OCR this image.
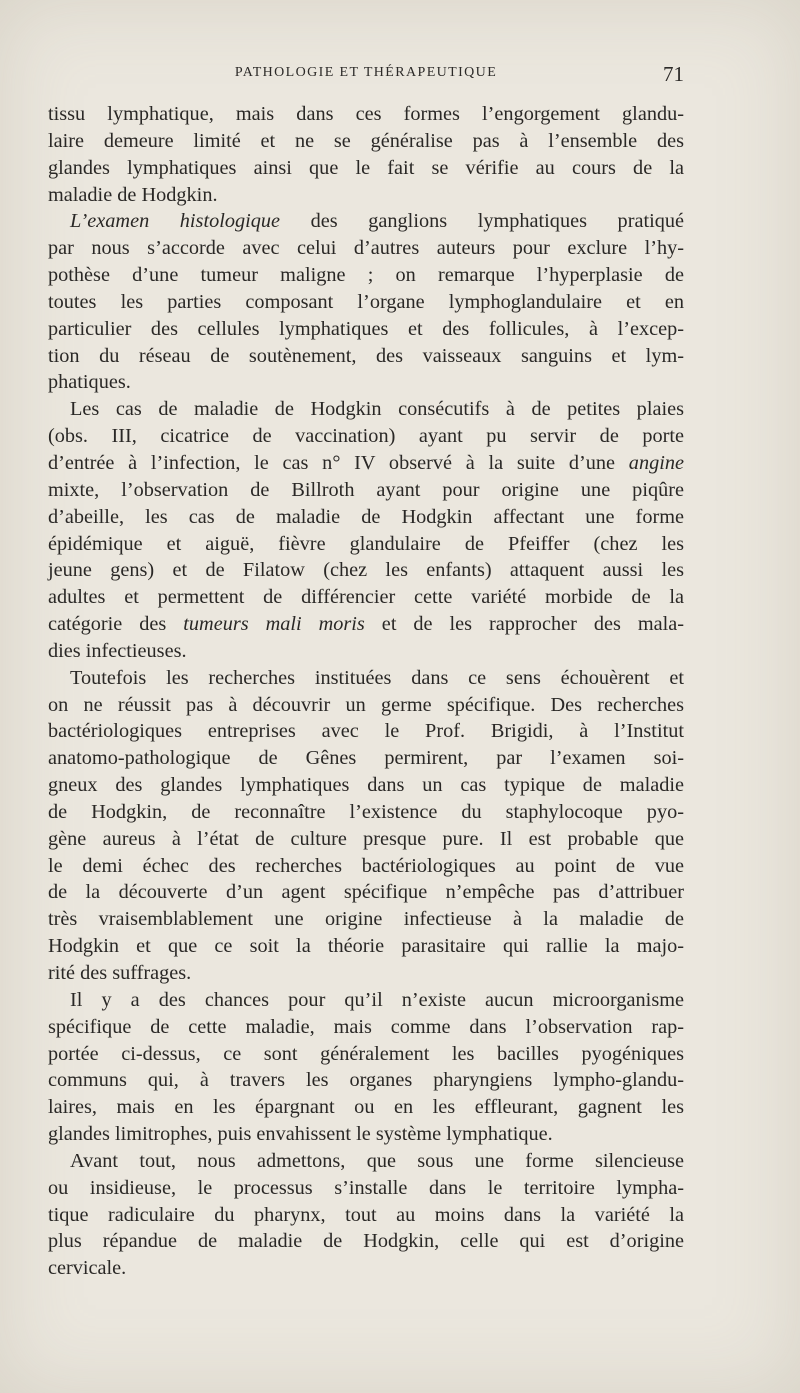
PATHOLOGIE ET THÉRAPEUTIQUE	71

tissu lymphatique, mais dans ces formes l’engorgement glandu-
laire demeure limité et ne se généralise pas à l’ensemble des
glandes lymphatiques ainsi que le fait se vérifie au cours de la
maladie de Hodgkin.

L’examen histologique des ganglions lymphatiques pratiqué
par nous s’accorde avec celui d’autres auteurs pour exclure l’hy-
pothèse d’une tumeur maligne ; on remarque l’hyperplasie de
toutes les parties composant l’organe lymphoglandulaire et en
particulier des cellules lymphatiques et des follicules, à l’excep-
tion du réseau de soutènement, des vaisseaux sanguins et lym-
phatiques.

Les cas de maladie de Hodgkin consécutifs à de petites plaies
(obs. III, cicatrice de vaccination) ayant pu servir de porte
d’entrée à l’infection, le cas n° IV observé à la suite d’une angine
mixte, l’observation de Billroth ayant pour origine une piqûre
d’abeille, les cas de maladie de Hodgkin affectant une forme
épidémique et aiguë, fièvre glandulaire de Pfeiffer (chez les
jeune gens) et de Filatow (chez les enfants) attaquent aussi les
adultes et permettent de différencier cette variété morbide de la
catégorie des tumeurs mali moris et de les rapprocher des mala-
dies infectieuses.

Toutefois les recherches instituées dans ce sens échouèrent et
on ne réussit pas à découvrir un germe spécifique. Des recherches
bactériologiques entreprises avec le Prof. Brigidi, à l’Institut
anatomo-pathologique de Gênes permirent, par l’examen soi-
gneux des glandes lymphatiques dans un cas typique de maladie
de Hodgkin, de reconnaître l’existence du staphylocoque pyo-
gène aureus à l’état de culture presque pure. Il est probable que
le demi échec des recherches bactériologiques au point de vue
de la découverte d’un agent spécifique n’empêche pas d’attribuer
très vraisemblablement une origine infectieuse à la maladie de
Hodgkin et que ce soit la théorie parasitaire qui rallie la majo-
rité des suffrages.

Il y a des chances pour qu’il n’existe aucun microorganisme
spécifique de cette maladie, mais comme dans l’observation rap-
portée ci-dessus, ce sont généralement les bacilles pyogéniques
communs qui, à travers les organes pharyngiens lympho-glandu-
laires, mais en les épargnant ou en les effleurant, gagnent les
glandes limitrophes, puis envahissent le système lymphatique.

Avant tout, nous admettons, que sous une forme silencieuse
ou insidieuse, le processus s’installe dans le territoire lympha-
tique radiculaire du pharynx, tout au moins dans la variété la
plus répandue de maladie de Hodgkin, celle qui est d’origine
cervicale.
